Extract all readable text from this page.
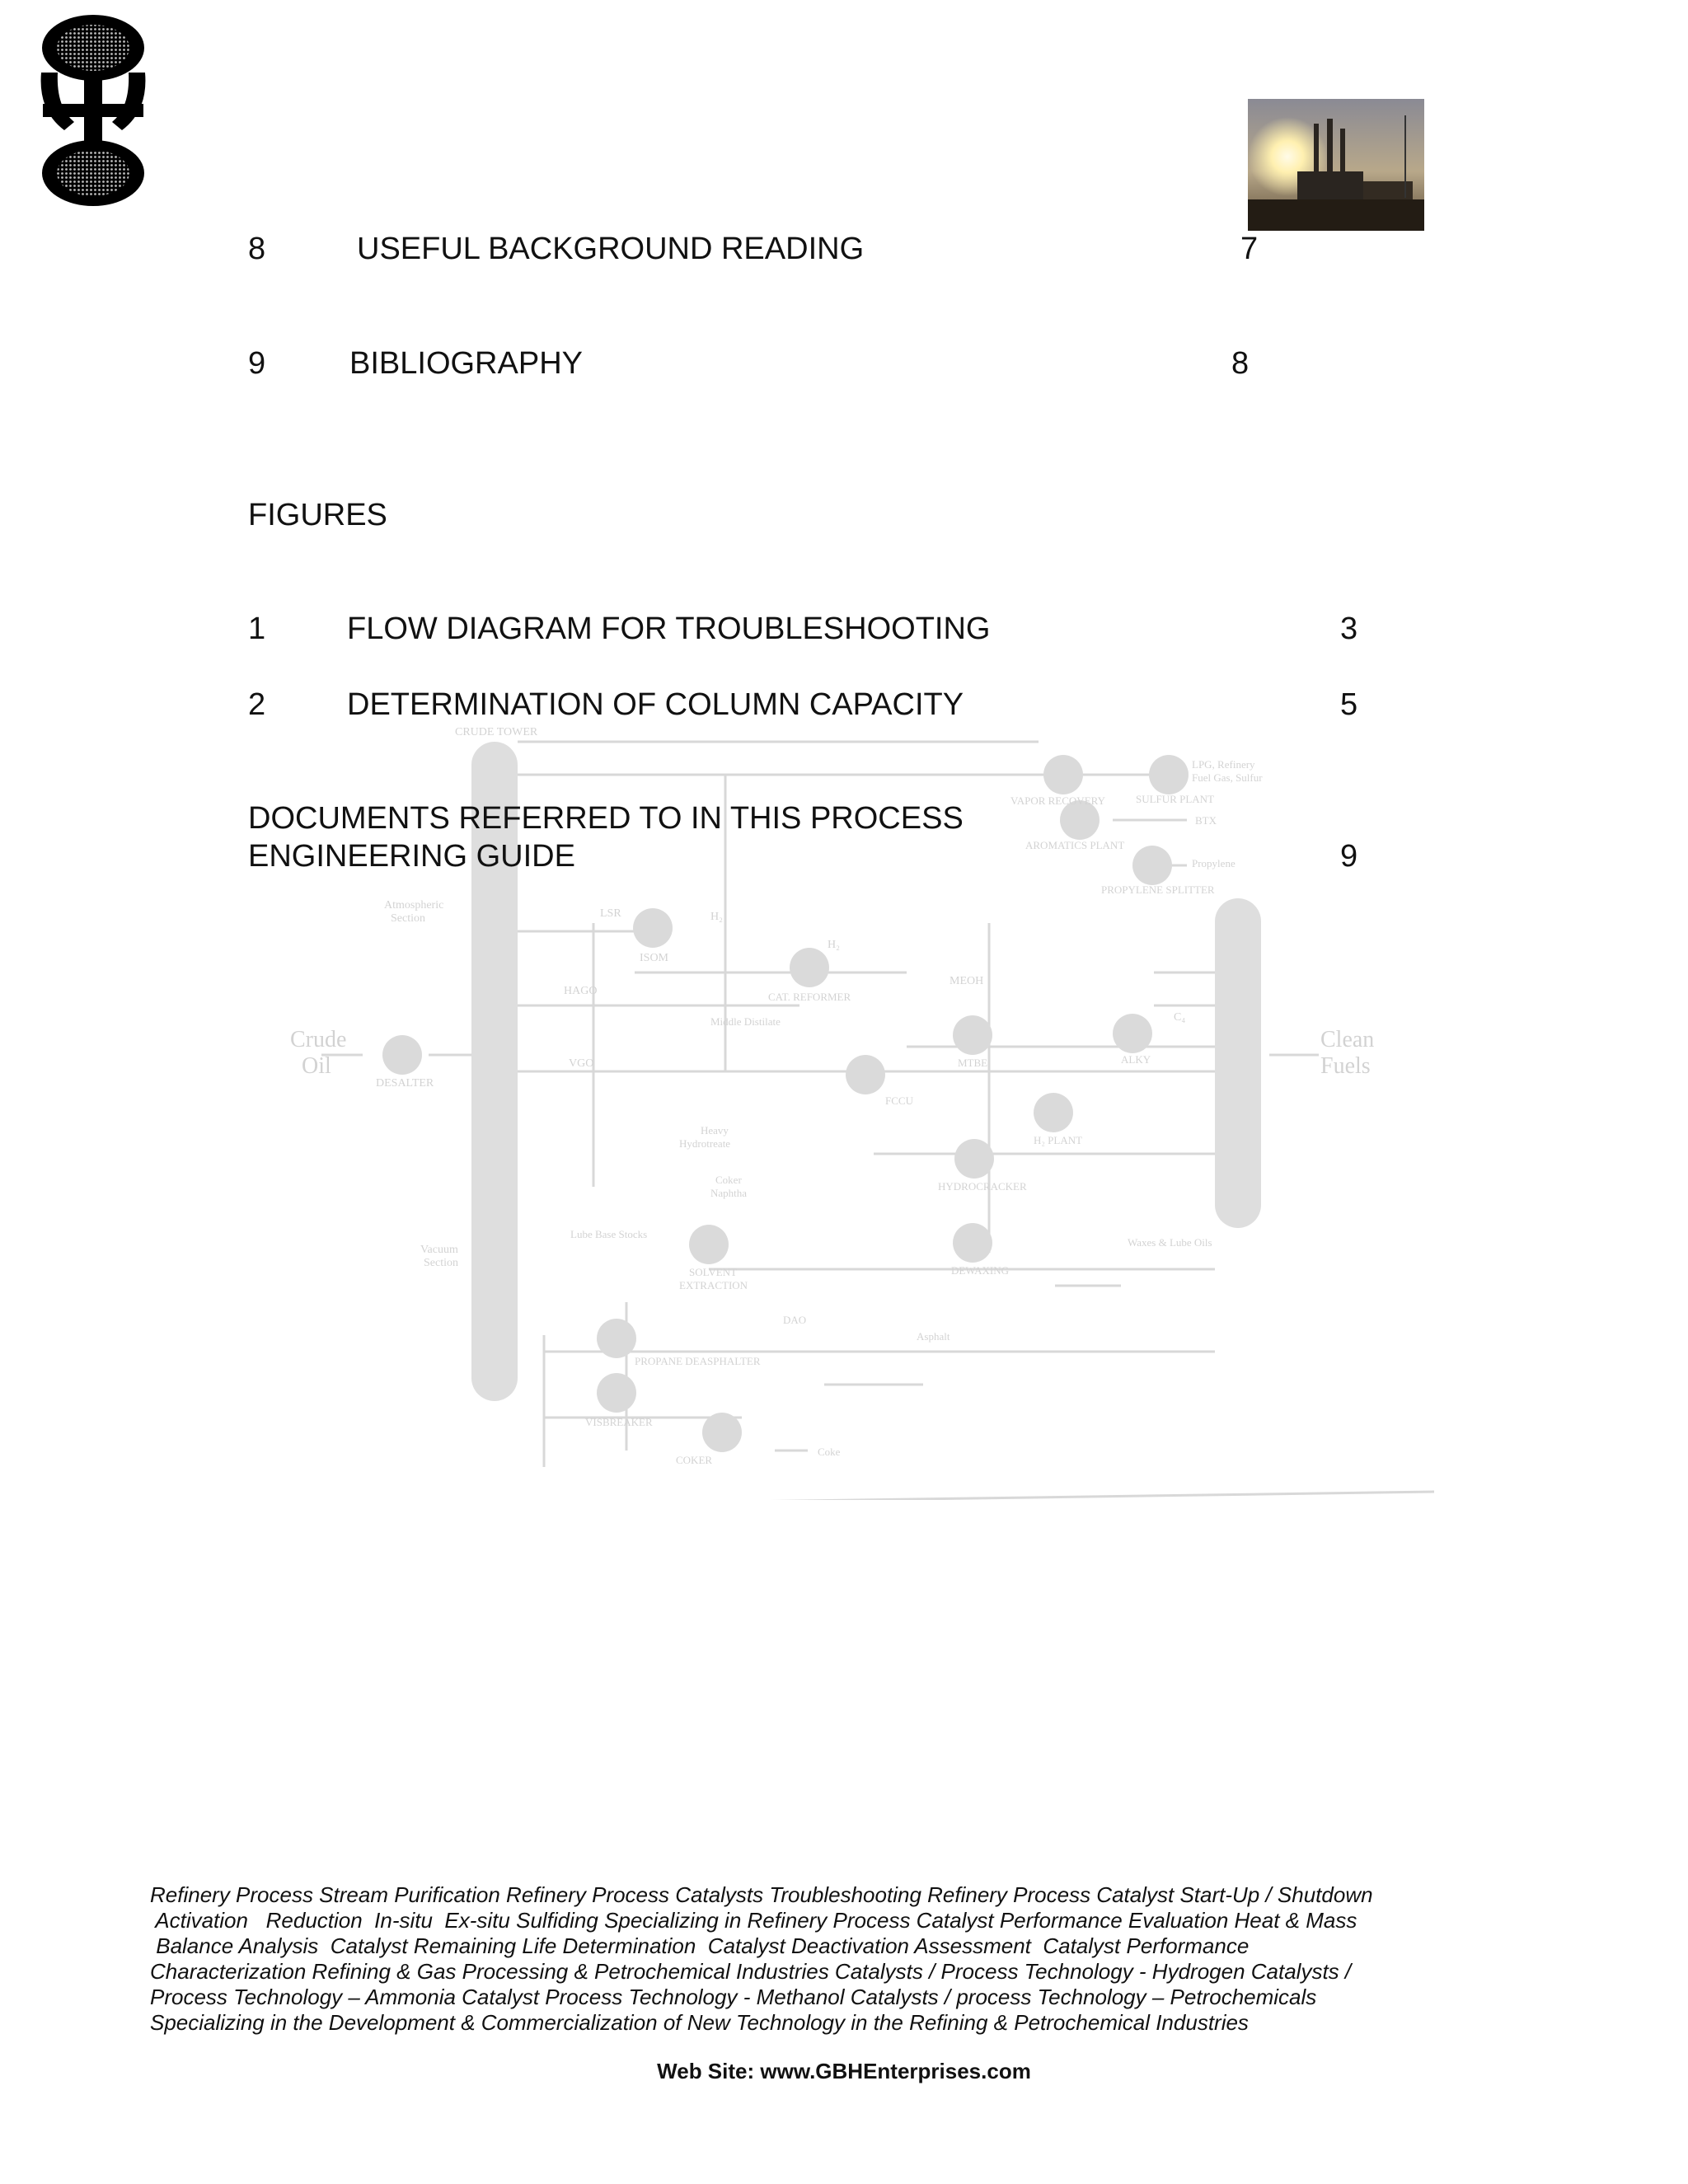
8	USEFUL BACKGROUND READING	7
9	BIBLIOGRAPHY	8
FIGURES
1	FLOW DIAGRAM FOR TROUBLESHOOTING	3
2	DETERMINATION OF COLUMN CAPACITY	5
DOCUMENTS REFERRED TO IN THIS PROCESS
ENGINEERING GUIDE	9
CRUDE TOWER
Atmospheric
Section
Vacuum
Section
Crude
Oil
DESALTER
Clean
Fuels
VAPOR RECOVERY	SULFUR PLANT
LPG, Refinery
Fuel Gas, Sulfur
AROMATICS PLANT
BTX
Propylene
PROPYLENE SPLITTER
LSR	H₂
H₂
ISOM
CAT. REFORMER
MEOH
HAGO
Middle Distilate
VGO	MTBE	ALKY
C₄
FCCU
H₂ PLANT
Heavy
Hydrotreate
Coker
Naphtha
HYDROCRACKER
Lube Base Stocks
SOLVENT
EXTRACTION
DEWAXING
Waxes & Lube Oils
DAO
Asphalt
PROPANE DEASPHALTER
VISBREAKER
COKER
Coke
Refinery Process Stream Purification Refinery Process Catalysts Troubleshooting Refinery Process Catalyst Start-Up / Shutdown
Activation   Reduction  In-situ  Ex-situ Sulfiding Specializing in Refinery Process Catalyst Performance Evaluation Heat & Mass
Balance Analysis  Catalyst Remaining Life Determination  Catalyst Deactivation Assessment  Catalyst Performance
Characterization Refining & Gas Processing & Petrochemical Industries Catalysts / Process Technology - Hydrogen Catalysts /
Process Technology – Ammonia Catalyst Process Technology - Methanol Catalysts / process Technology – Petrochemicals
Specializing in the Development & Commercialization of New Technology in the Refining & Petrochemical Industries
Web Site: www.GBHEnterprises.com
